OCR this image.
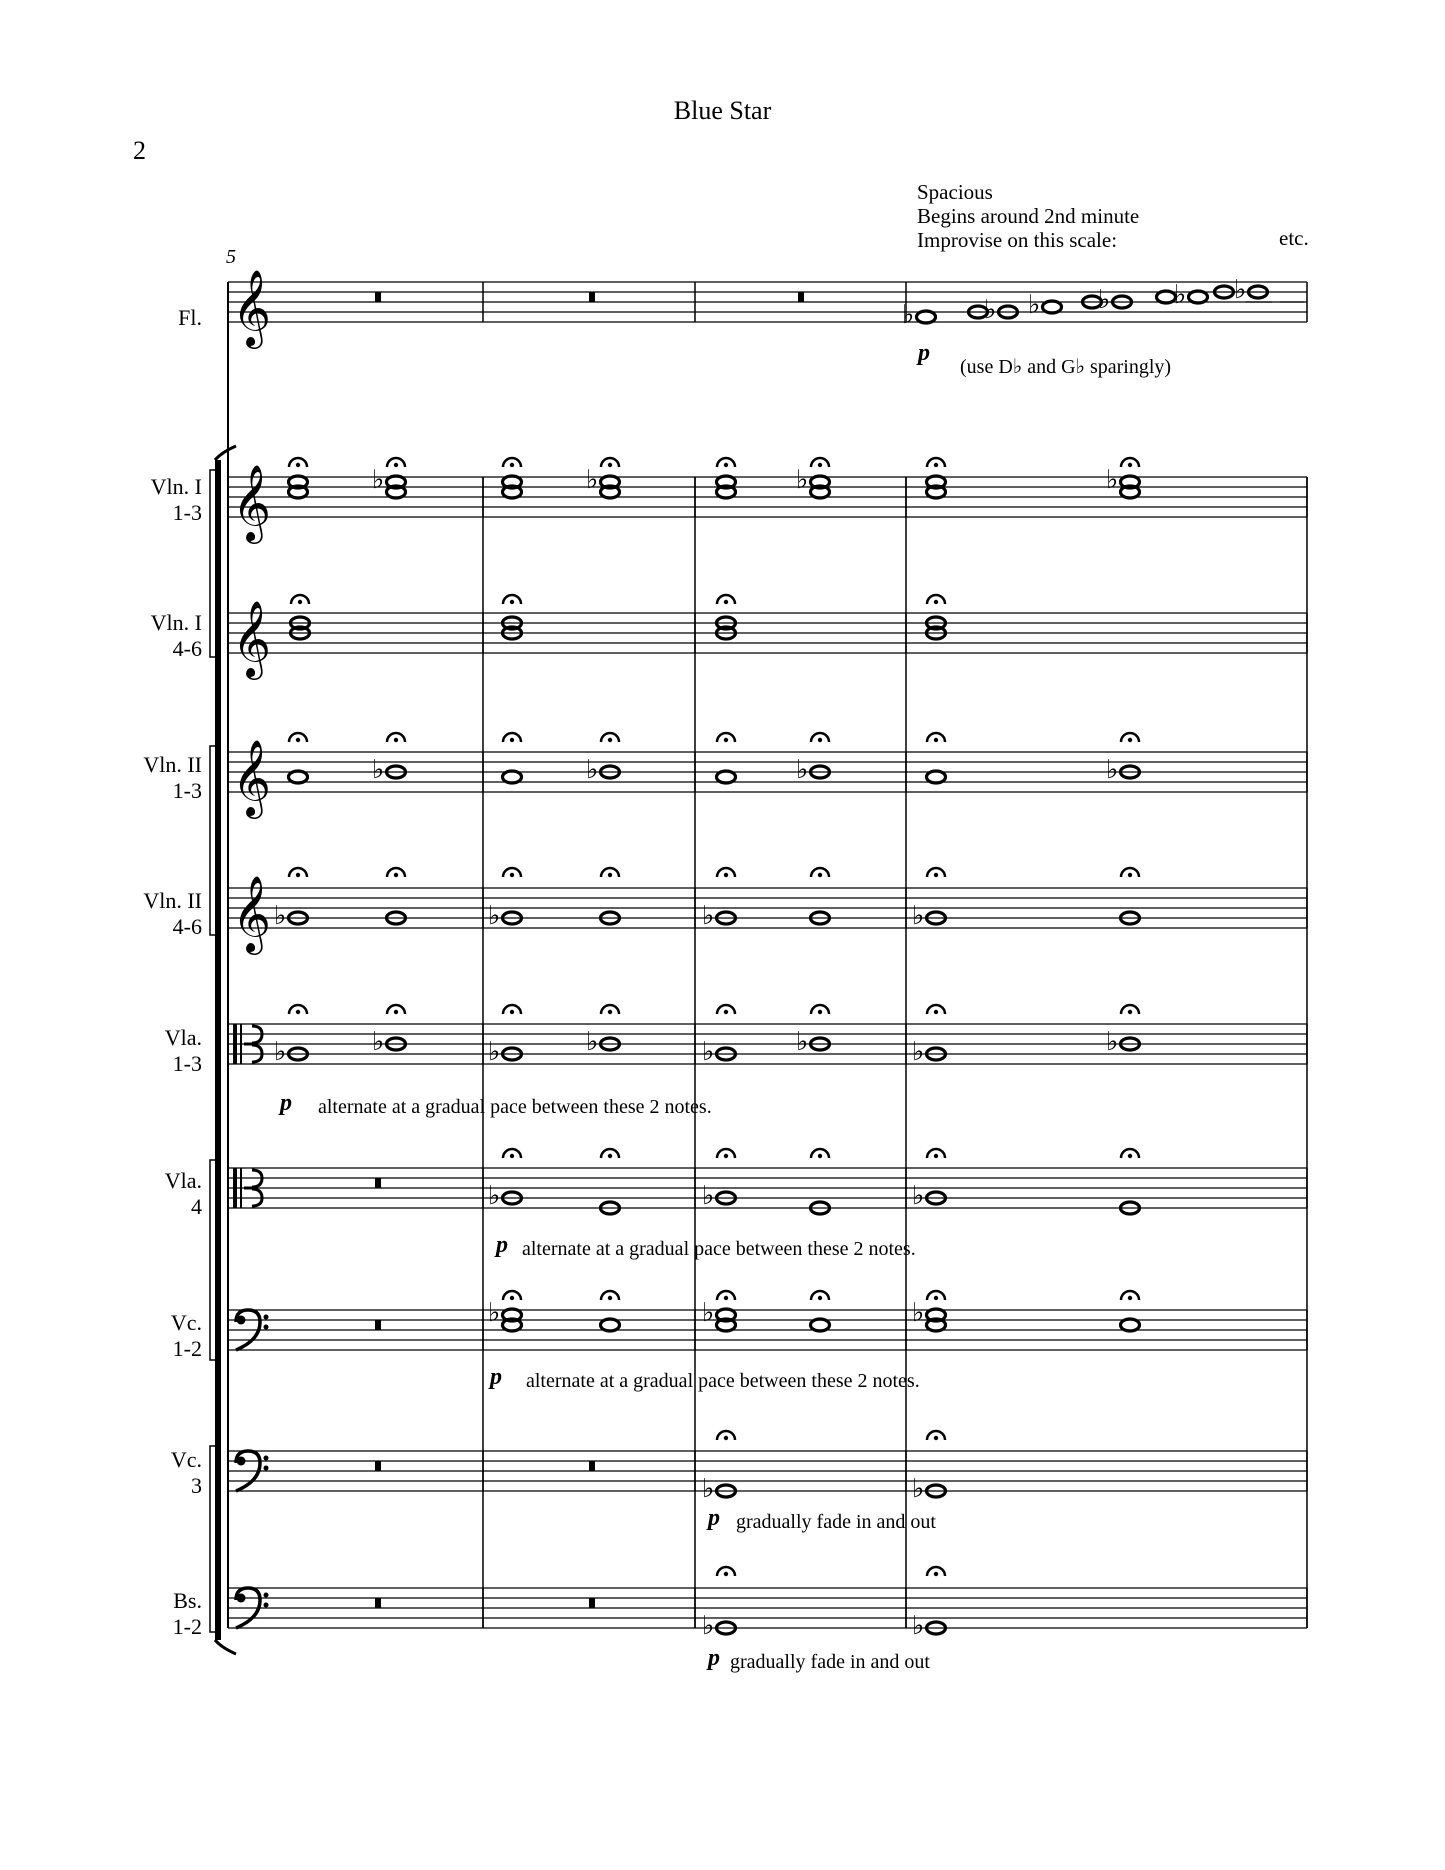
Blue Star
2
5
Spacious
Begins around 2nd minute
Improvise on this scale:	etc.
Fl.
Vln. I
1-3
Vln. I
4-6
Vln. II
1-3
Vln. II
4-6
Vla.
1-3
Vla.
4
Vc.
1-2
Vc.
3
Bs.
1-2
p
(use D♭ and G♭ sparingly)
p alternate at a gradual pace between these 2 notes.
p alternate at a gradual pace between these 2 notes.
p alternate at a gradual pace between these 2 notes.
p gradually fade in and out
p gradually fade in and out
𝄞
𝄞
𝄞
𝄞
𝄞
♭	♭ ♭ ♭ ♭ ♭
♭	♭	♭	♭
♭	♭	♭	♭
♭	♭	♭	♭
♭	♭	♭	♭	♭	♭	♭	♭
♭	♭	♭
♭	♭	♭
♭	♭
♭	♭
